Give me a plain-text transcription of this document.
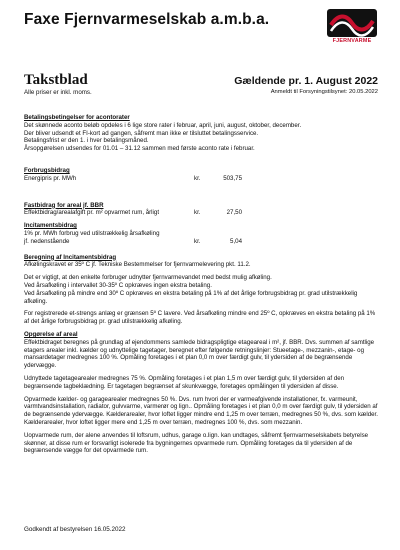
Faxe Fjernvarmeselskab a.m.b.a.
FJERNVARME
Takstblad
Alle priser er inkl. moms.
Gældende pr. 1. August 2022
Anmeldt til Forsyningstilsynet: 20.05.2022

Betalingsbetingelser for acontorater

Det skønnede aconto beløb opdeles i 6 lige store rater i februar, april, juni, august, oktober, december.

Der bliver udsendt et FI-kort ad gangen, såfremt man ikke er tilsluttet betalingsservice.

Betalingsfrist er den 1. i hver betalingsmåned.

Årsopgørelsen udsendes for 01.01 – 31.12 sammen med første aconto rate i februar.

Forbrugsbidrag

Energipris pr. MWh	kr.	503,75

Fastbidrag for areal jf. BBR

Effektbidrag/arealafgift pr. m² opvarmet rum, årligt	kr.	27,50

Incitamentsbidrag

1% pr. MWh forbrug ved utilstrækkelig årsafkøling

jf. nedenstående	kr.	5,04

Beregning af Incitamentsbidrag

Afkølingskravet er 35º C jf. Tekniske Bestemmelser for fjernvarmelevering pkt. 11.2.

Det er vigtigt, at den enkelte forbruger udnytter fjernvarmevandet med bedst mulig afkøling.

Ved årsafkøling i intervallet 30-35º C opkræves ingen ekstra betaling.

Ved årsafkøling på mindre end 30º C opkræves en ekstra betaling på 1% af det årlige forbrugsbidrag pr. grad utilstrækkelig afkøling.

For registrerede et-strengs anlæg er grænsen 5º C lavere. Ved årsafkøling mindre end 25º C, opkræves en ekstra betaling på 1% af det årlige forbrugsbidrag pr. grad utilstrækkelig afkøling.

Opgørelse af areal

Effektbidraget beregnes på grundlag af ejendommens samlede bidragspligtige etageareal i m², jf. BBR. Dvs. summen af samtlige etagers arealer inkl. kælder og udnyttelige tagetager, beregnet efter følgende retningslinjer: Stueetage-, mezzanin-, etage- og mansardetager medregnes 100 %. Opmåling foretages i et plan 0,0 m over færdigt gulv, til ydersiden af de begrænsende ydervægge.

Udnyttede tagetagearealer medregnes 75 %. Opmåling foretages i et plan 1,5 m over færdigt gulv, til ydersiden af den begrænsende tagbeklædning. Er tagetagen begrænset af skunkvægge, foretages opmålingen til ydersiden af disse.

Opvarmede kælder- og garagearealer medregnes 50 %. Dvs. rum hvori der er varmeafgivende installationer, fx. varmeunit, varmtvandsinstallation, radiator, gulvvarme, varmerør og lign.. Opmåling foretages i et plan 0,0 m over færdigt gulv, til ydersiden af de begrænsende ydervægge. Kælderarealer, hvor loftet ligger mindre end 1,25 m over terræn, medregnes 50 %, dvs. som kælder. Kælderarealer, hvor loftet ligger mere end 1,25 m over terræn, medregnes 100 %, dvs. som mezzanin.

Uopvarmede rum, der alene anvendes til loftsrum, udhus, garage o.lign. kan undtages, såfremt fjernvarmeselskabets betyrelse skønner, at disse rum er forsvarligt isolerede fra bygningernes opvarmede rum. Opmåling foretages da til ydersiden af de begrænsende vægge for det opvarmede rum.

Godkendt af bestyrelsen 16.05.2022
